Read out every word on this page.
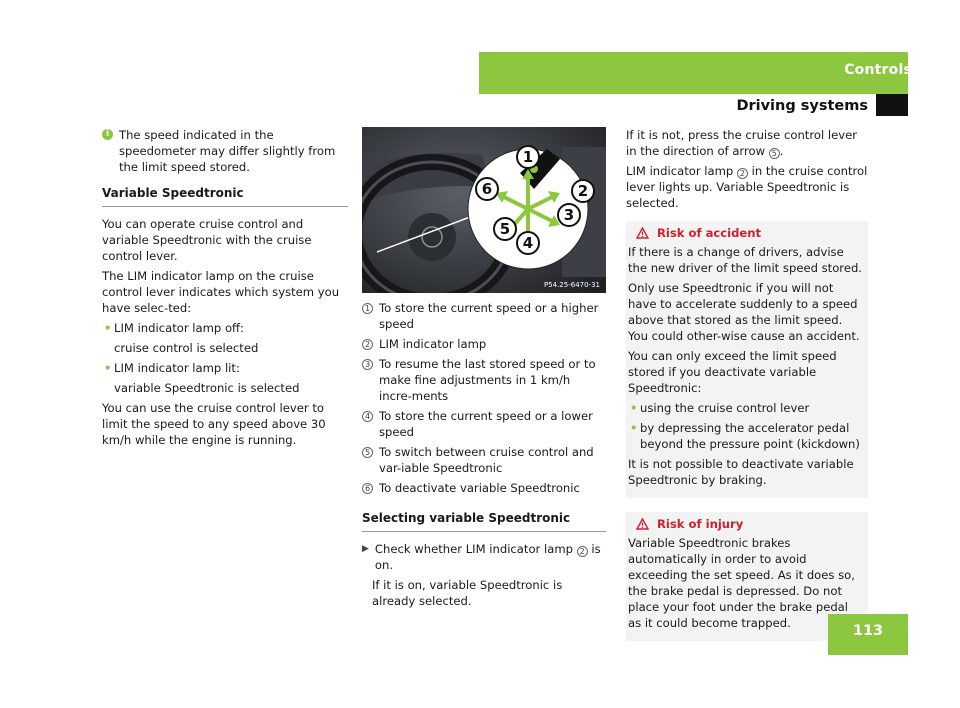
Controls
Driving systems
i The speed indicated in the speedometer may differ slightly from the limit speed stored.
Variable Speedtronic

You can operate cruise control and variable Speedtronic with the cruise control lever.

The LIM indicator lamp on the cruise control lever indicates which system you have selec-ted:

• LIM indicator lamp off:
cruise control is selected
• LIM indicator lamp lit:
variable Speedtronic is selected

You can use the cruise control lever to limit the speed to any speed above 30 km/h while the engine is running.

1
2
3
4
5
6
P54.25-6470-31
1 To store the current speed or a higher speed
2 LIM indicator lamp
3 To resume the last stored speed or to make fine adjustments in 1 km/h incre-ments
4 To store the current speed or a lower speed
5 To switch between cruise control and var-iable Speedtronic
6 To deactivate variable Speedtronic
Selecting variable Speedtronic
▶ Check whether LIM indicator lamp 2 is on.

If it is on, variable Speedtronic is already selected.

If it is not, press the cruise control lever in the direction of arrow 5 .

LIM indicator lamp 2 in the cruise control lever lights up. Variable Speedtronic is selected.

Risk of accident

If there is a change of drivers, advise the new driver of the limit speed stored.

Only use Speedtronic if you will not have to accelerate suddenly to a speed above that stored as the limit speed. You could other-wise cause an accident.

You can only exceed the limit speed stored if you deactivate variable Speedtronic:

• using the cruise control lever
• by depressing the accelerator pedal beyond the pressure point (kickdown)

It is not possible to deactivate variable Speedtronic by braking.

Risk of injury

Variable Speedtronic brakes automatically in order to avoid exceeding the set speed. As it does so, the brake pedal is depressed. Do not place your foot under the brake pedal as it could become trapped.	113
